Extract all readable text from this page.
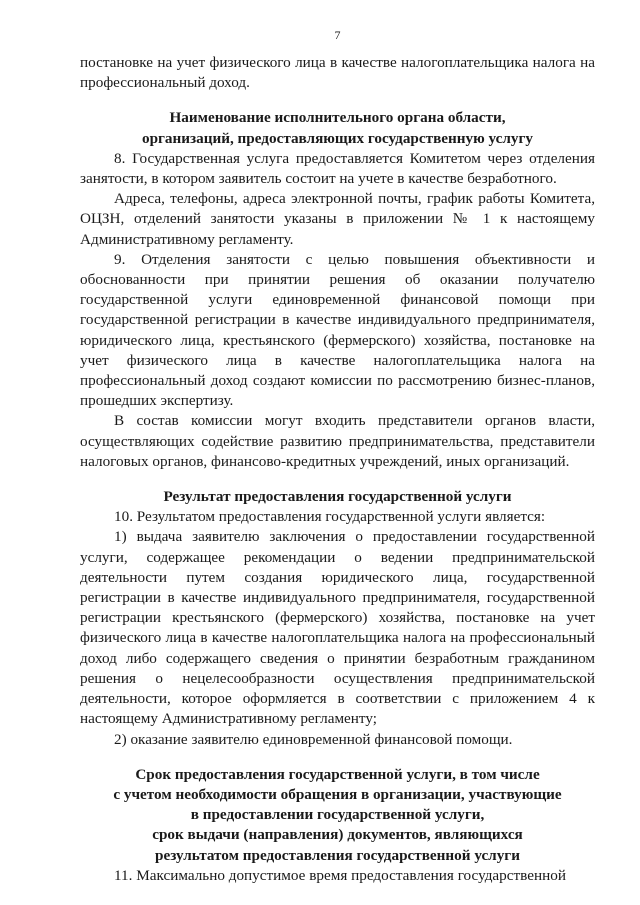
7

постановке на учет физического лица в качестве налогоплательщика налога на профессиональный доход.

Наименование исполнительного органа области,
организаций, предоставляющих государственную услугу

8. Государственная услуга предоставляется Комитетом через отделения занятости, в котором заявитель состоит на учете в качестве безработного.

Адреса, телефоны, адреса электронной почты, график работы Комитета, ОЦЗН, отделений занятости указаны в приложении № 1 к настоящему Административному регламенту.

9. Отделения занятости с целью повышения объективности и обоснованности при принятии решения об оказании получателю государственной услуги единовременной финансовой помощи при государственной регистрации в качестве индивидуального предпринимателя, юридического лица, крестьянского (фермерского) хозяйства, постановке на учет физического лица в качестве налогоплательщика налога на профессиональный доход создают комиссии по рассмотрению бизнес-планов, прошедших экспертизу.

В состав комиссии могут входить представители органов власти, осуществляющих содействие развитию предпринимательства, представители налоговых органов, финансово-кредитных учреждений, иных организаций.

Результат предоставления государственной услуги

10. Результатом предоставления государственной услуги является:

1) выдача заявителю заключения о предоставлении государственной услуги, содержащее рекомендации о ведении предпринимательской деятельности путем создания юридического лица, государственной регистрации в качестве индивидуального предпринимателя, государственной регистрации крестьянского (фермерского) хозяйства, постановке на учет физического лица в качестве налогоплательщика налога на профессиональный доход либо содержащего сведения о принятии безработным гражданином решения о нецелесообразности осуществления предпринимательской деятельности, которое оформляется в соответствии с приложением 4 к настоящему Административному регламенту;

2) оказание заявителю единовременной финансовой помощи.

Срок предоставления государственной услуги, в том числе
с учетом необходимости обращения в организации, участвующие
в предоставлении государственной услуги,
срок выдачи (направления) документов, являющихся
результатом предоставления государственной услуги

11. Максимально допустимое время предоставления государственной
